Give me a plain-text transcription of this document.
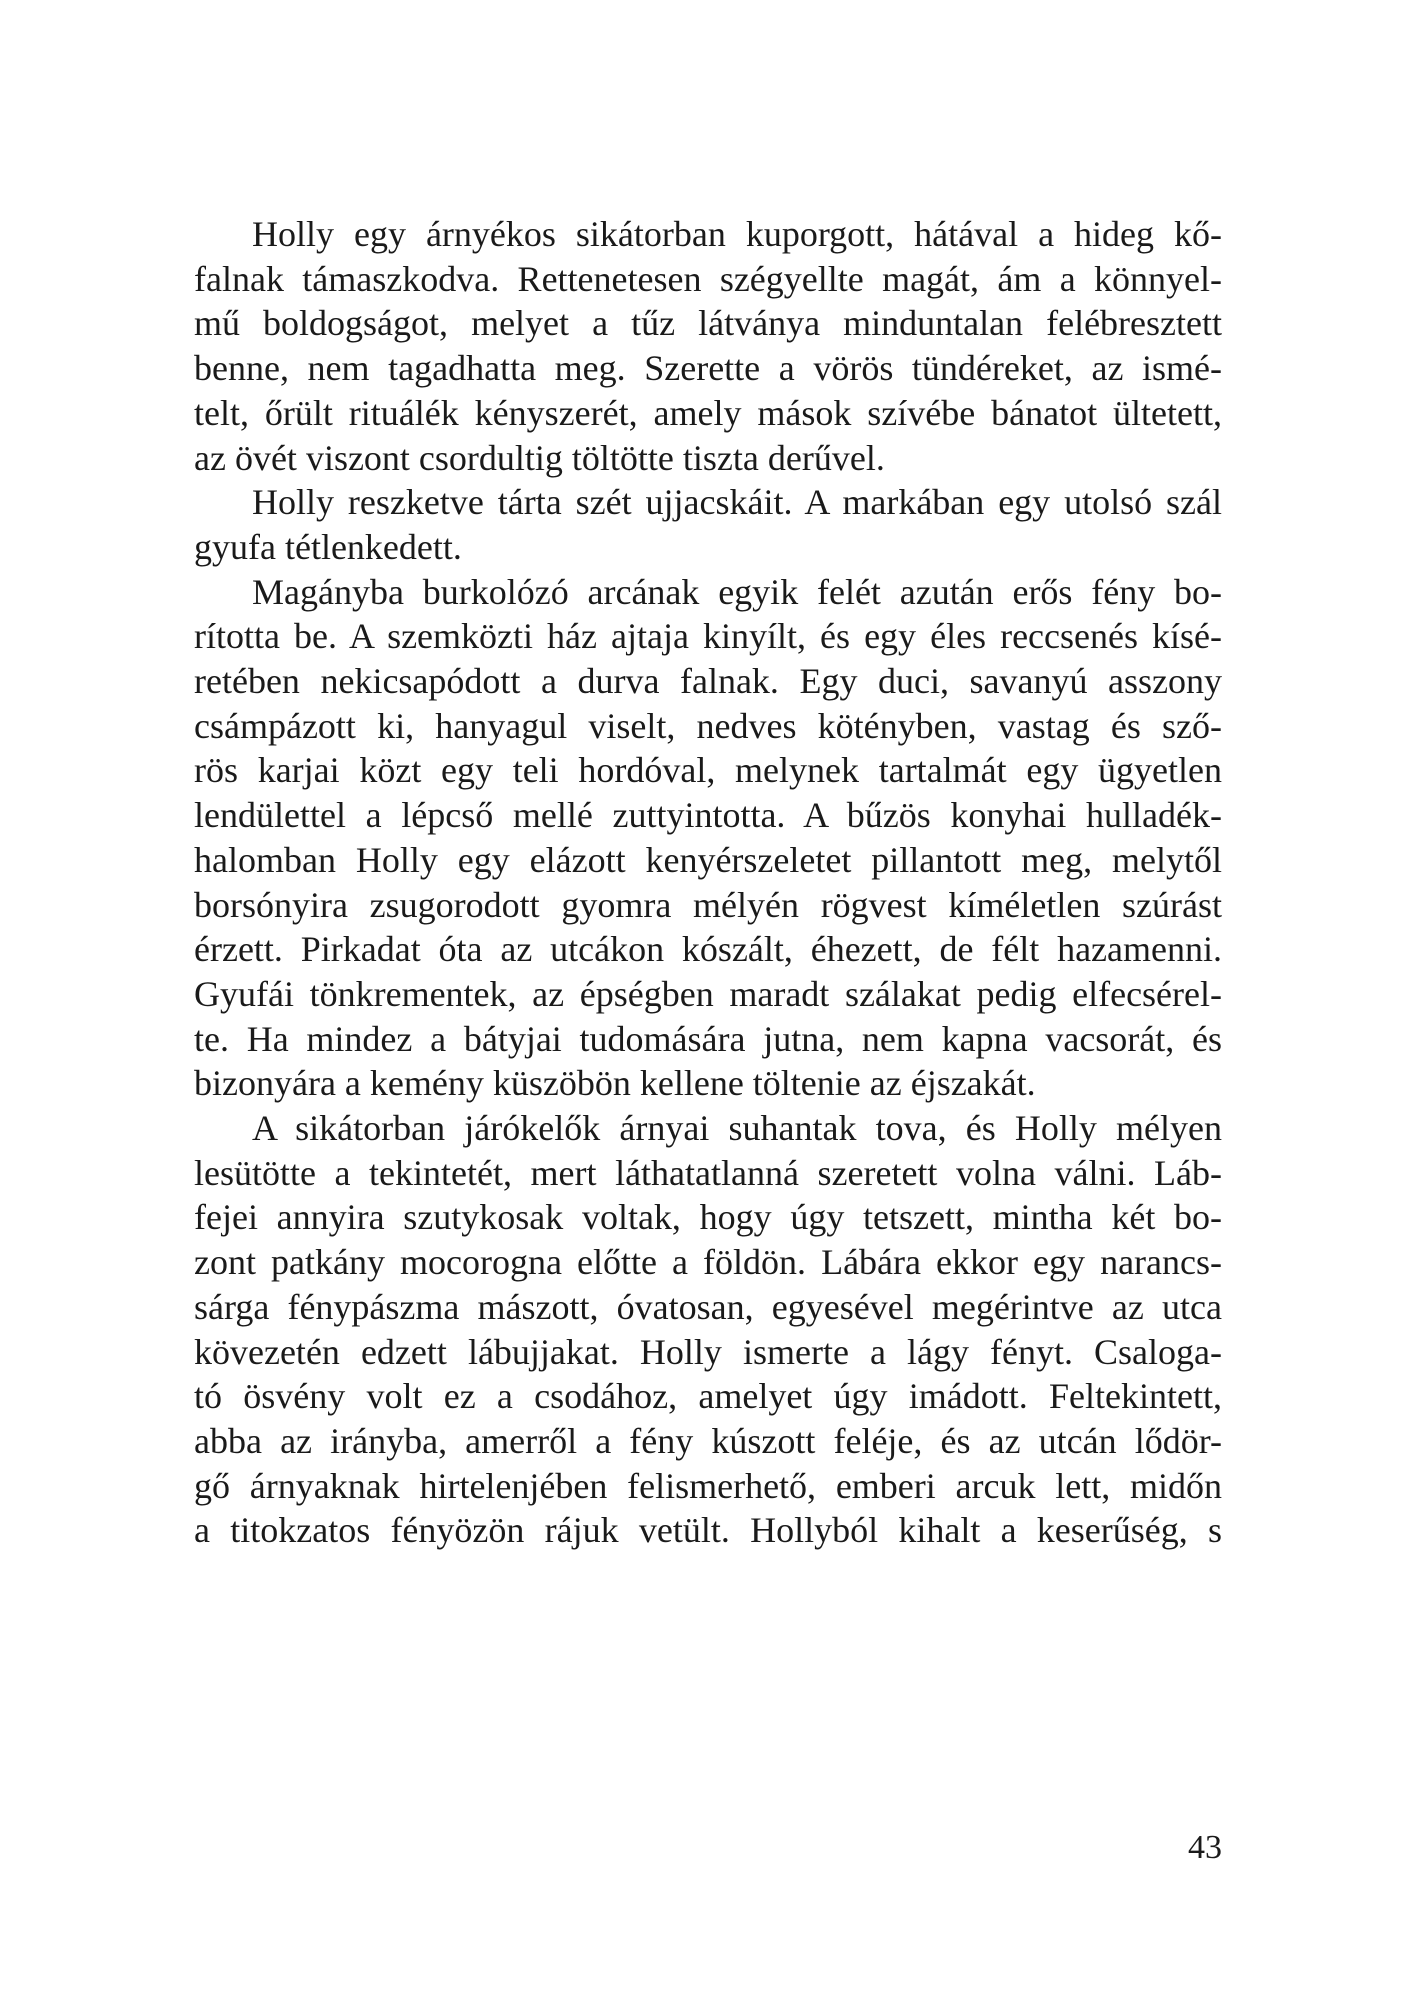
Holly egy árnyékos sikátorban kuporgott, hátával a hideg kő-
falnak támaszkodva. Rettenetesen szégyellte magát, ám a könnyel-
mű boldogságot, melyet a tűz látványa minduntalan felébresztett
benne, nem tagadhatta meg. Szerette a vörös tündéreket, az ismé-
telt, őrült rituálék kényszerét, amely mások szívébe bánatot ültetett,
az övét viszont csordultig töltötte tiszta derűvel.
Holly reszketve tárta szét ujjacskáit. A markában egy utolsó szál
gyufa tétlenkedett.
Magányba burkolózó arcának egyik felét azután erős fény bo-
rította be. A szemközti ház ajtaja kinyílt, és egy éles reccsenés kísé-
retében nekicsapódott a durva falnak. Egy duci, savanyú asszony
csámpázott ki, hanyagul viselt, nedves kötényben, vastag és sző-
rös karjai közt egy teli hordóval, melynek tartalmát egy ügyetlen
lendülettel a lépcső mellé zuttyintotta. A bűzös konyhai hulladék-
halomban Holly egy elázott kenyérszeletet pillantott meg, melytől
borsónyira zsugorodott gyomra mélyén rögvest kíméletlen szúrást
érzett. Pirkadat óta az utcákon kószált, éhezett, de félt hazamenni.
Gyufái tönkrementek, az épségben maradt szálakat pedig elfecsérel-
te. Ha mindez a bátyjai tudomására jutna, nem kapna vacsorát, és
bizonyára a kemény küszöbön kellene töltenie az éjszakát.
A sikátorban járókelők árnyai suhantak tova, és Holly mélyen
lesütötte a tekintetét, mert láthatatlanná szeretett volna válni. Láb-
fejei annyira szutykosak voltak, hogy úgy tetszett, mintha két bo-
zont patkány mocorogna előtte a földön. Lábára ekkor egy narancs-
sárga fénypászma mászott, óvatosan, egyesével megérintve az utca
kövezetén edzett lábujjakat. Holly ismerte a lágy fényt. Csaloga-
tó ösvény volt ez a csodához, amelyet úgy imádott. Feltekintett,
abba az irányba, amerről a fény kúszott feléje, és az utcán lődör-
gő árnyaknak hirtelenjében felismerhető, emberi arcuk lett, midőn
a titokzatos fényözön rájuk vetült. Hollyból kihalt a keserűség, s
43
